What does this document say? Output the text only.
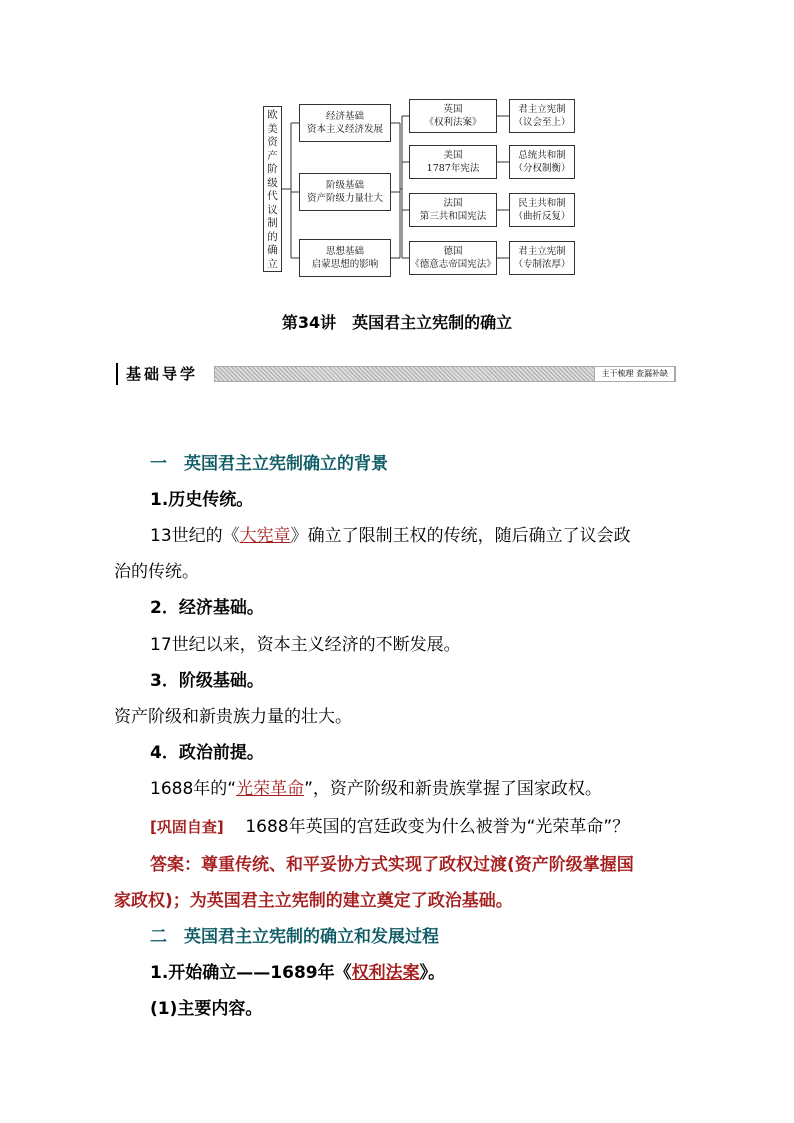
欧
美
资
产
阶
级
代
议
制
的
确
立
经济基础
资本主义经济发展
阶级基础
资产阶级力量壮大
思想基础
启蒙思想的影响
英国
《权利法案》
美国
1787年宪法
法国
第三共和国宪法
德国
《德意志帝国宪法》
君主立宪制
（议会至上）
总统共和制
（分权制衡）
民主共和制
（曲折反复）
君主立宪制
（专制浓厚）
第34讲　英国君主立宪制的确立
基础导学	主干梳理 查漏补缺
一　英国君主立宪制确立的背景
1.历史传统。
13世纪的《大宪章》确立了限制王权的传统，随后确立了议会政
治的传统。
2．经济基础。
17世纪以来，资本主义经济的不断发展。
3．阶级基础。
资产阶级和新贵族力量的壮大。
4．政治前提。
1688年的“光荣革命”，资产阶级和新贵族掌握了国家政权。
[巩固自查] 1688年英国的宫廷政变为什么被誉为“光荣革命”？
答案：尊重传统、和平妥协方式实现了政权过渡(资产阶级掌握国
家政权)；为英国君主立宪制的建立奠定了政治基础。
二　英国君主立宪制的确立和发展过程
1.开始确立——1689年《权利法案》。
(1)主要内容。
